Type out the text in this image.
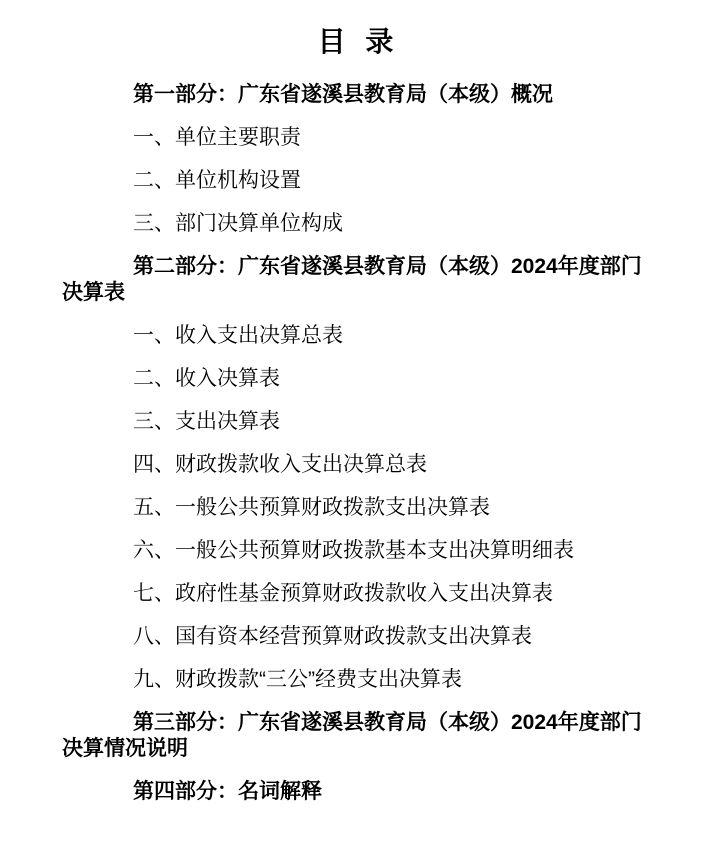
目 录

第一部分：广东省遂溪县教育局（本级）概况

一、单位主要职责

二、单位机构设置

三、部门决算单位构成

第二部分：广东省遂溪县教育局（本级）2024年度部门决算表

一、收入支出决算总表

二、收入决算表

三、支出决算表

四、财政拨款收入支出决算总表

五、一般公共预算财政拨款支出决算表

六、一般公共预算财政拨款基本支出决算明细表

七、政府性基金预算财政拨款收入支出决算表

八、国有资本经营预算财政拨款支出决算表

九、财政拨款“三公”经费支出决算表

第三部分：广东省遂溪县教育局（本级）2024年度部门决算情况说明

第四部分：名词解释
